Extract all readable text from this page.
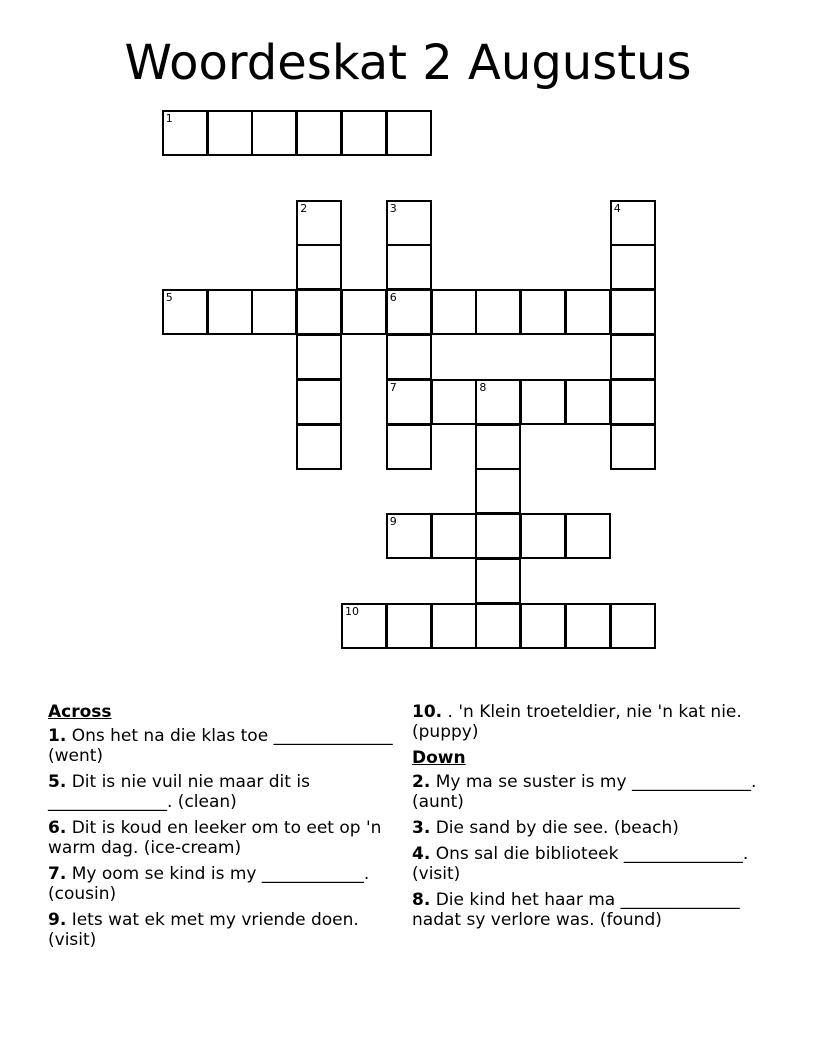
Woordeskat 2 Augustus
1
2	3	4
5	6
7	8
9
10
Across
1. Ons het na die klas toe ______________ (went)
5. Dit is nie vuil nie maar dit is ______________. (clean)
6. Dit is koud en leeker om to eet op 'n warm dag. (ice-cream)
7. My oom se kind is my ____________. (cousin)
9. Iets wat ek met my vriende doen. (visit)
10. . 'n Klein troeteldier, nie 'n kat nie. (puppy)
Down
2. My ma se suster is my ______________. (aunt)
3. Die sand by die see. (beach)
4. Ons sal die biblioteek ______________. (visit)
8. Die kind het haar ma ______________ nadat sy verlore was. (found)
